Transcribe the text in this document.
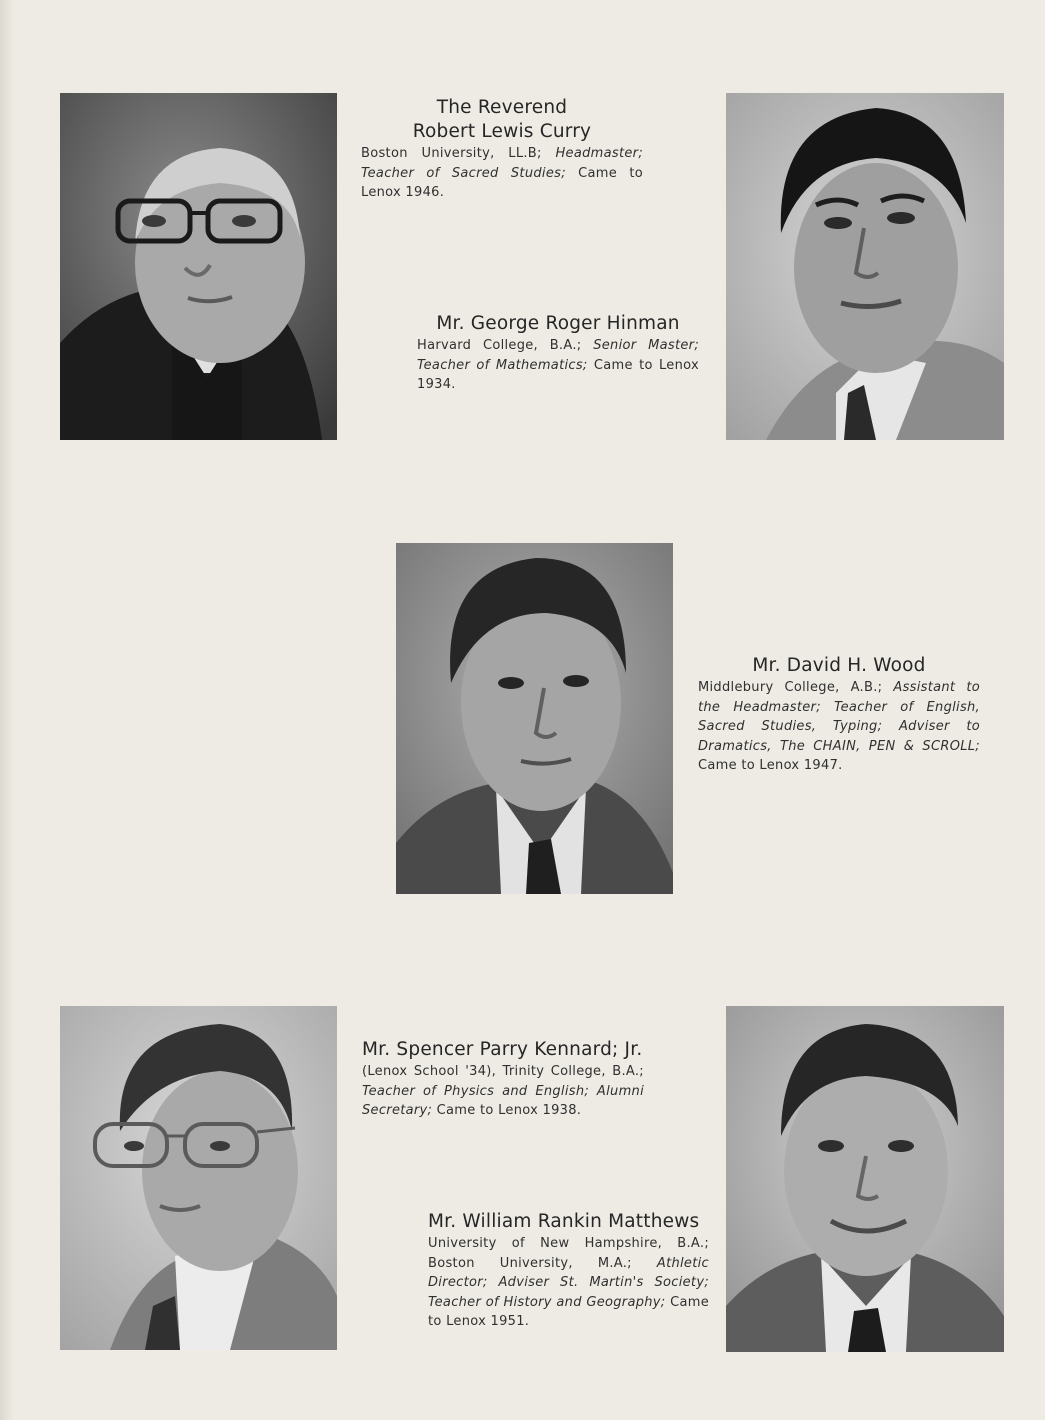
The Reverend
Robert Lewis Curry
Boston University, LL.B; Headmaster; Teacher of Sacred Studies; Came to Lenox 1946.
Mr. George Roger Hinman
Harvard College, B.A.; Senior Master; Teacher of Mathematics; Came to Lenox 1934.
Mr. David H. Wood
Middlebury College, A.B.; Assistant to the Headmaster; Teacher of English, Sacred Studies, Typing; Adviser to Dramatics, The CHAIN, PEN & SCROLL; Came to Lenox 1947.
Mr. Spencer Parry Kennard; Jr.
(Lenox School '34), Trinity College, B.A.; Teacher of Physics and English; Alumni Secretary; Came to Lenox 1938.
Mr. William Rankin Matthews
University of New Hampshire, B.A.; Boston University, M.A.; Athletic Director; Adviser St. Martin's Society; Teacher of History and Geography; Came to Lenox 1951.
